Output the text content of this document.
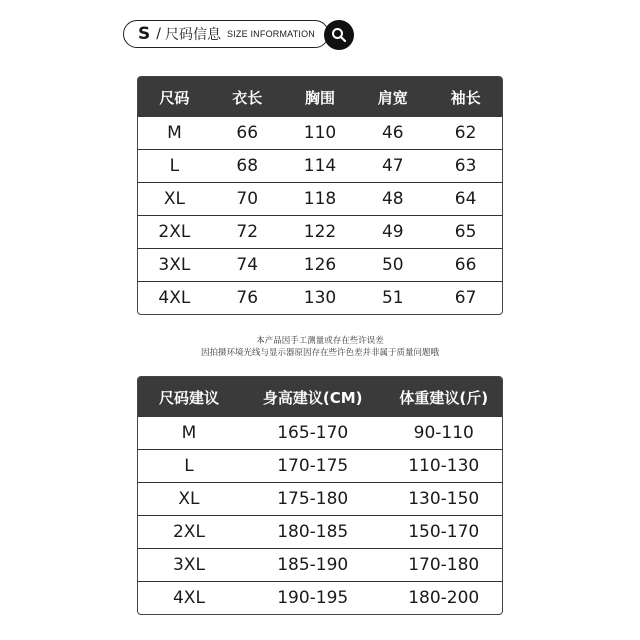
S / 尺码信息 SIZE INFORMATION
尺码	衣长	胸围	肩宽	袖长
M	66	110	46	62
L	68	114	47	63
XL	70	118	48	64
2XL	72	122	49	65
3XL	74	126	50	66
4XL	76	130	51	67
本产品因手工测量或存在些许误差
因拍摄环境光线与显示器原因存在些许色差并非属于质量问题哦
尺码建议	身高建议(CM)	体重建议(斤)
M	165-170	90-110
L	170-175	110-130
XL	175-180	130-150
2XL	180-185	150-170
3XL	185-190	170-180
4XL	190-195	180-200
